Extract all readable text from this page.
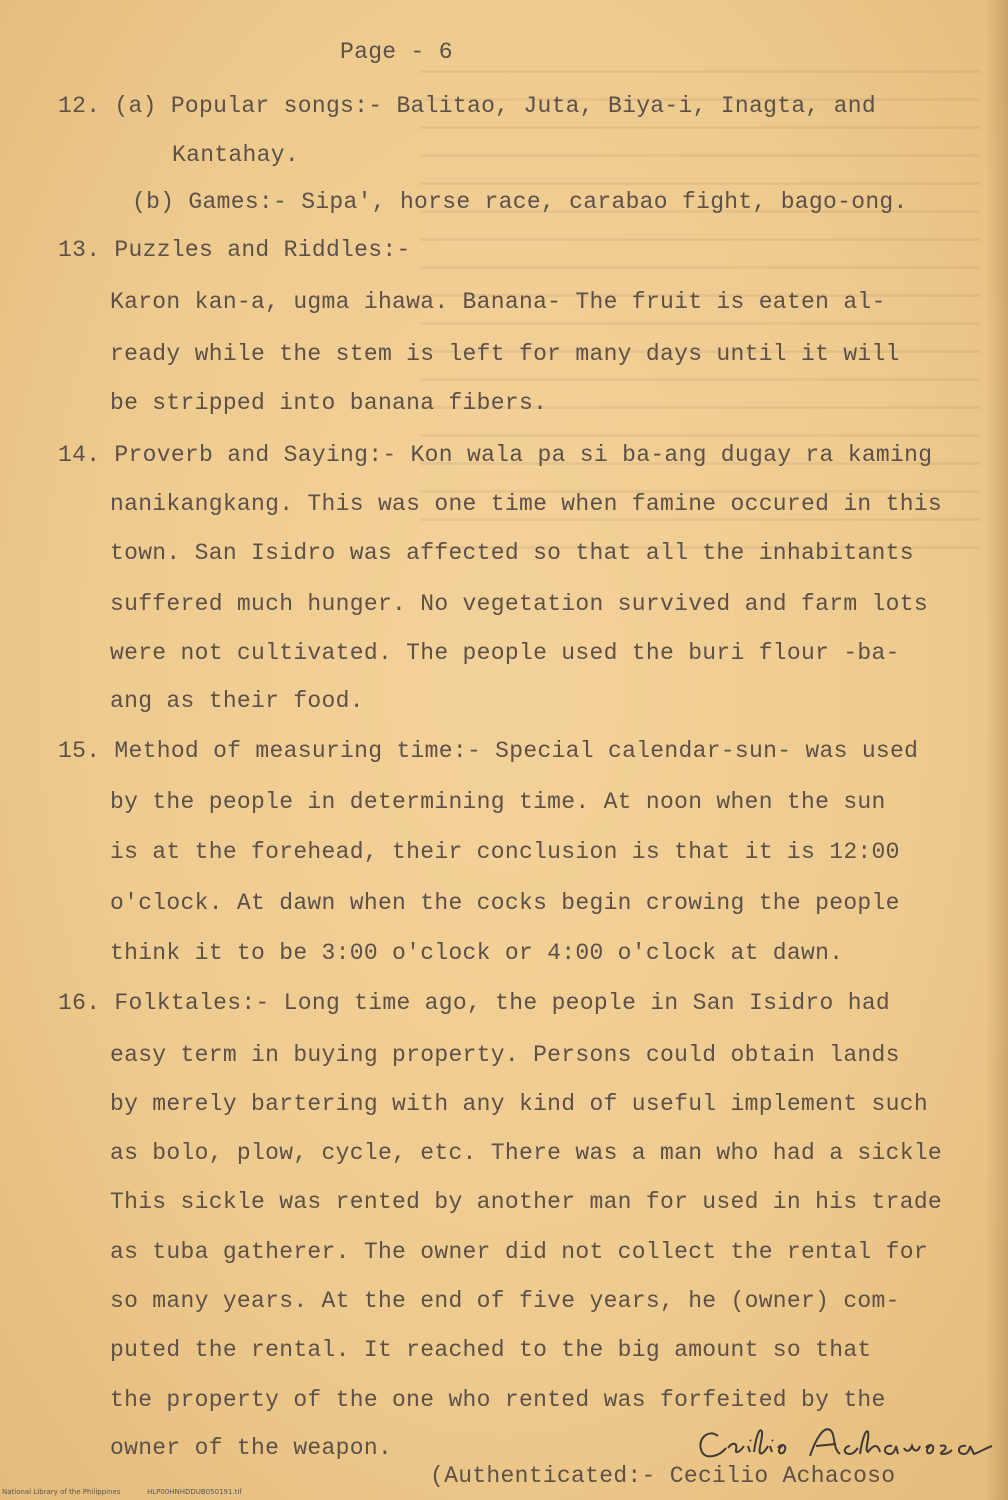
Page - 6
12. (a) Popular songs:- Balitao, Juta, Biya-i, Inagta, and
Kantahay.
(b) Games:- Sipa', horse race, carabao fight, bago-ong.
13. Puzzles and Riddles:-
Karon kan-a, ugma ihawa. Banana- The fruit is eaten al-
ready while the stem is left for many days until it will
be stripped into banana fibers.
14. Proverb and Saying:- Kon wala pa si ba-ang dugay ra kaming
nanikangkang. This was one time when famine occured in this
town. San Isidro was affected so that all the inhabitants
suffered much hunger. No vegetation survived and farm lots
were not cultivated. The people used the buri flour -ba-
ang as their food.
15. Method of measuring time:- Special calendar-sun- was used
by the people in determining time. At noon when the sun
is at the forehead, their conclusion is that it is 12:00
o'clock. At dawn when the cocks begin crowing the people
think it to be 3:00 o'clock or 4:00 o'clock at dawn.
16. Folktales:- Long time ago, the people in San Isidro had
easy term in buying property. Persons could obtain lands
by merely bartering with any kind of useful implement such
as bolo, plow, cycle, etc. There was a man who had a sickle
This sickle was rented by another man for used in his trade
as tuba gatherer. The owner did not collect the rental for
so many years. At the end of five years, he (owner) com-
puted the rental. It reached to the big amount so that
the property of the one who rented was forfeited by the
owner of the weapon.
(Authenticated:- Cecilio Achacoso
National Library of the Philippines	HLP00HNHDDUB050191.tif
